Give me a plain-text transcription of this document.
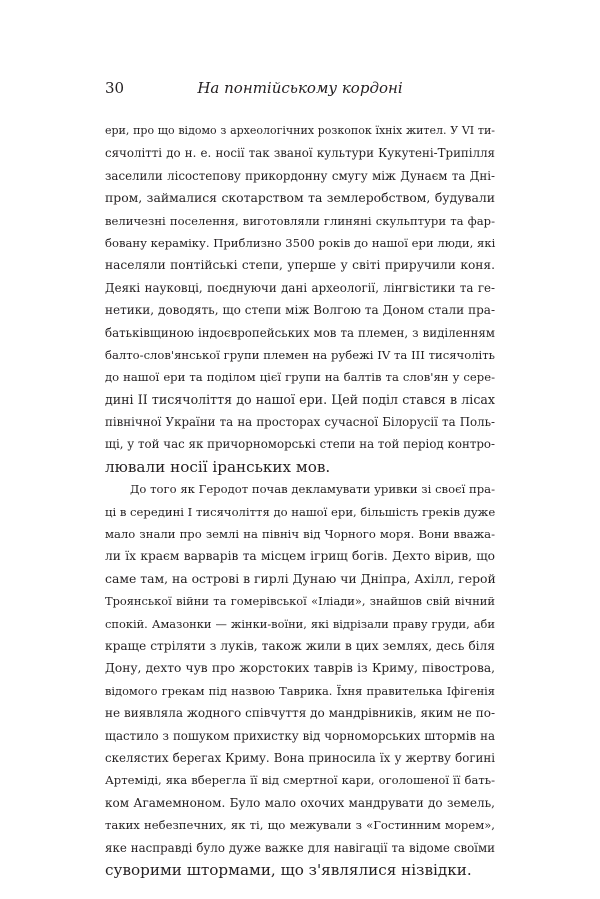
30	На понтійському кордоні
ери, про що відомо з археологічних розкопок їхніх жител. У VI ти-
сячолітті до н. е. носії так званої культури Кукутені-Трипілля
заселили лісостепову прикордонну смугу між Дунаєм та Дні-
пром, займалися скотарством та землеробством, будували
величезні поселення, виготовляли глиняні скульптури та фар-
бовану кераміку. Приблизно 3500 років до нашої ери люди, які
населяли понтійські степи, уперше у світі приручили коня.
Деякі науковці, поєднуючи дані археології, лінгвістики та ге-
нетики, доводять, що степи між Волгою та Доном стали пра-
батьківщиною індоєвропейських мов та племен, з виділенням
балто-слов'янської групи племен на рубежі IV та III тисячоліть
до нашої ери та поділом цієї групи на балтів та слов'ян у сере-
дині II тисячоліття до нашої ери. Цей поділ стався в лісах
північної України та на просторах сучасної Білорусії та Поль-
щі, у той час як причорноморські степи на той період контро-
лювали носії іранських мов.
До того як Геродот почав декламувати уривки зі своєї пра-
ці в середині I тисячоліття до нашої ери, більшість греків дуже
мало знали про землі на північ від Чорного моря. Вони вважа-
ли їх краєм варварів та місцем ігрищ богів. Дехто вірив, що
саме там, на острові в гирлі Дунаю чи Дніпра, Ахілл, герой
Троянської війни та гомерівської «Іліади», знайшов свій вічний
спокій. Амазонки — жінки-воїни, які відрізали праву груди, аби
краще стріляти з луків, також жили в цих землях, десь біля
Дону, дехто чув про жорстоких таврів із Криму, півострова,
відомого грекам під назвою Таврика. Їхня правителька Іфігенія
не виявляла жодного співчуття до мандрівників, яким не по-
щастило з пошуком прихистку від чорноморських штормів на
скелястих берегах Криму. Вона приносила їх у жертву богині
Артеміді, яка вберегла її від смертної кари, оголошеної її бать-
ком Агамемноном. Було мало охочих мандрувати до земель,
таких небезпечних, як ті, що межували з «Гостинним морем»,
яке насправді було дуже важке для навігації та відоме своїми
суворими штормами, що з'являлися нізвідки.
